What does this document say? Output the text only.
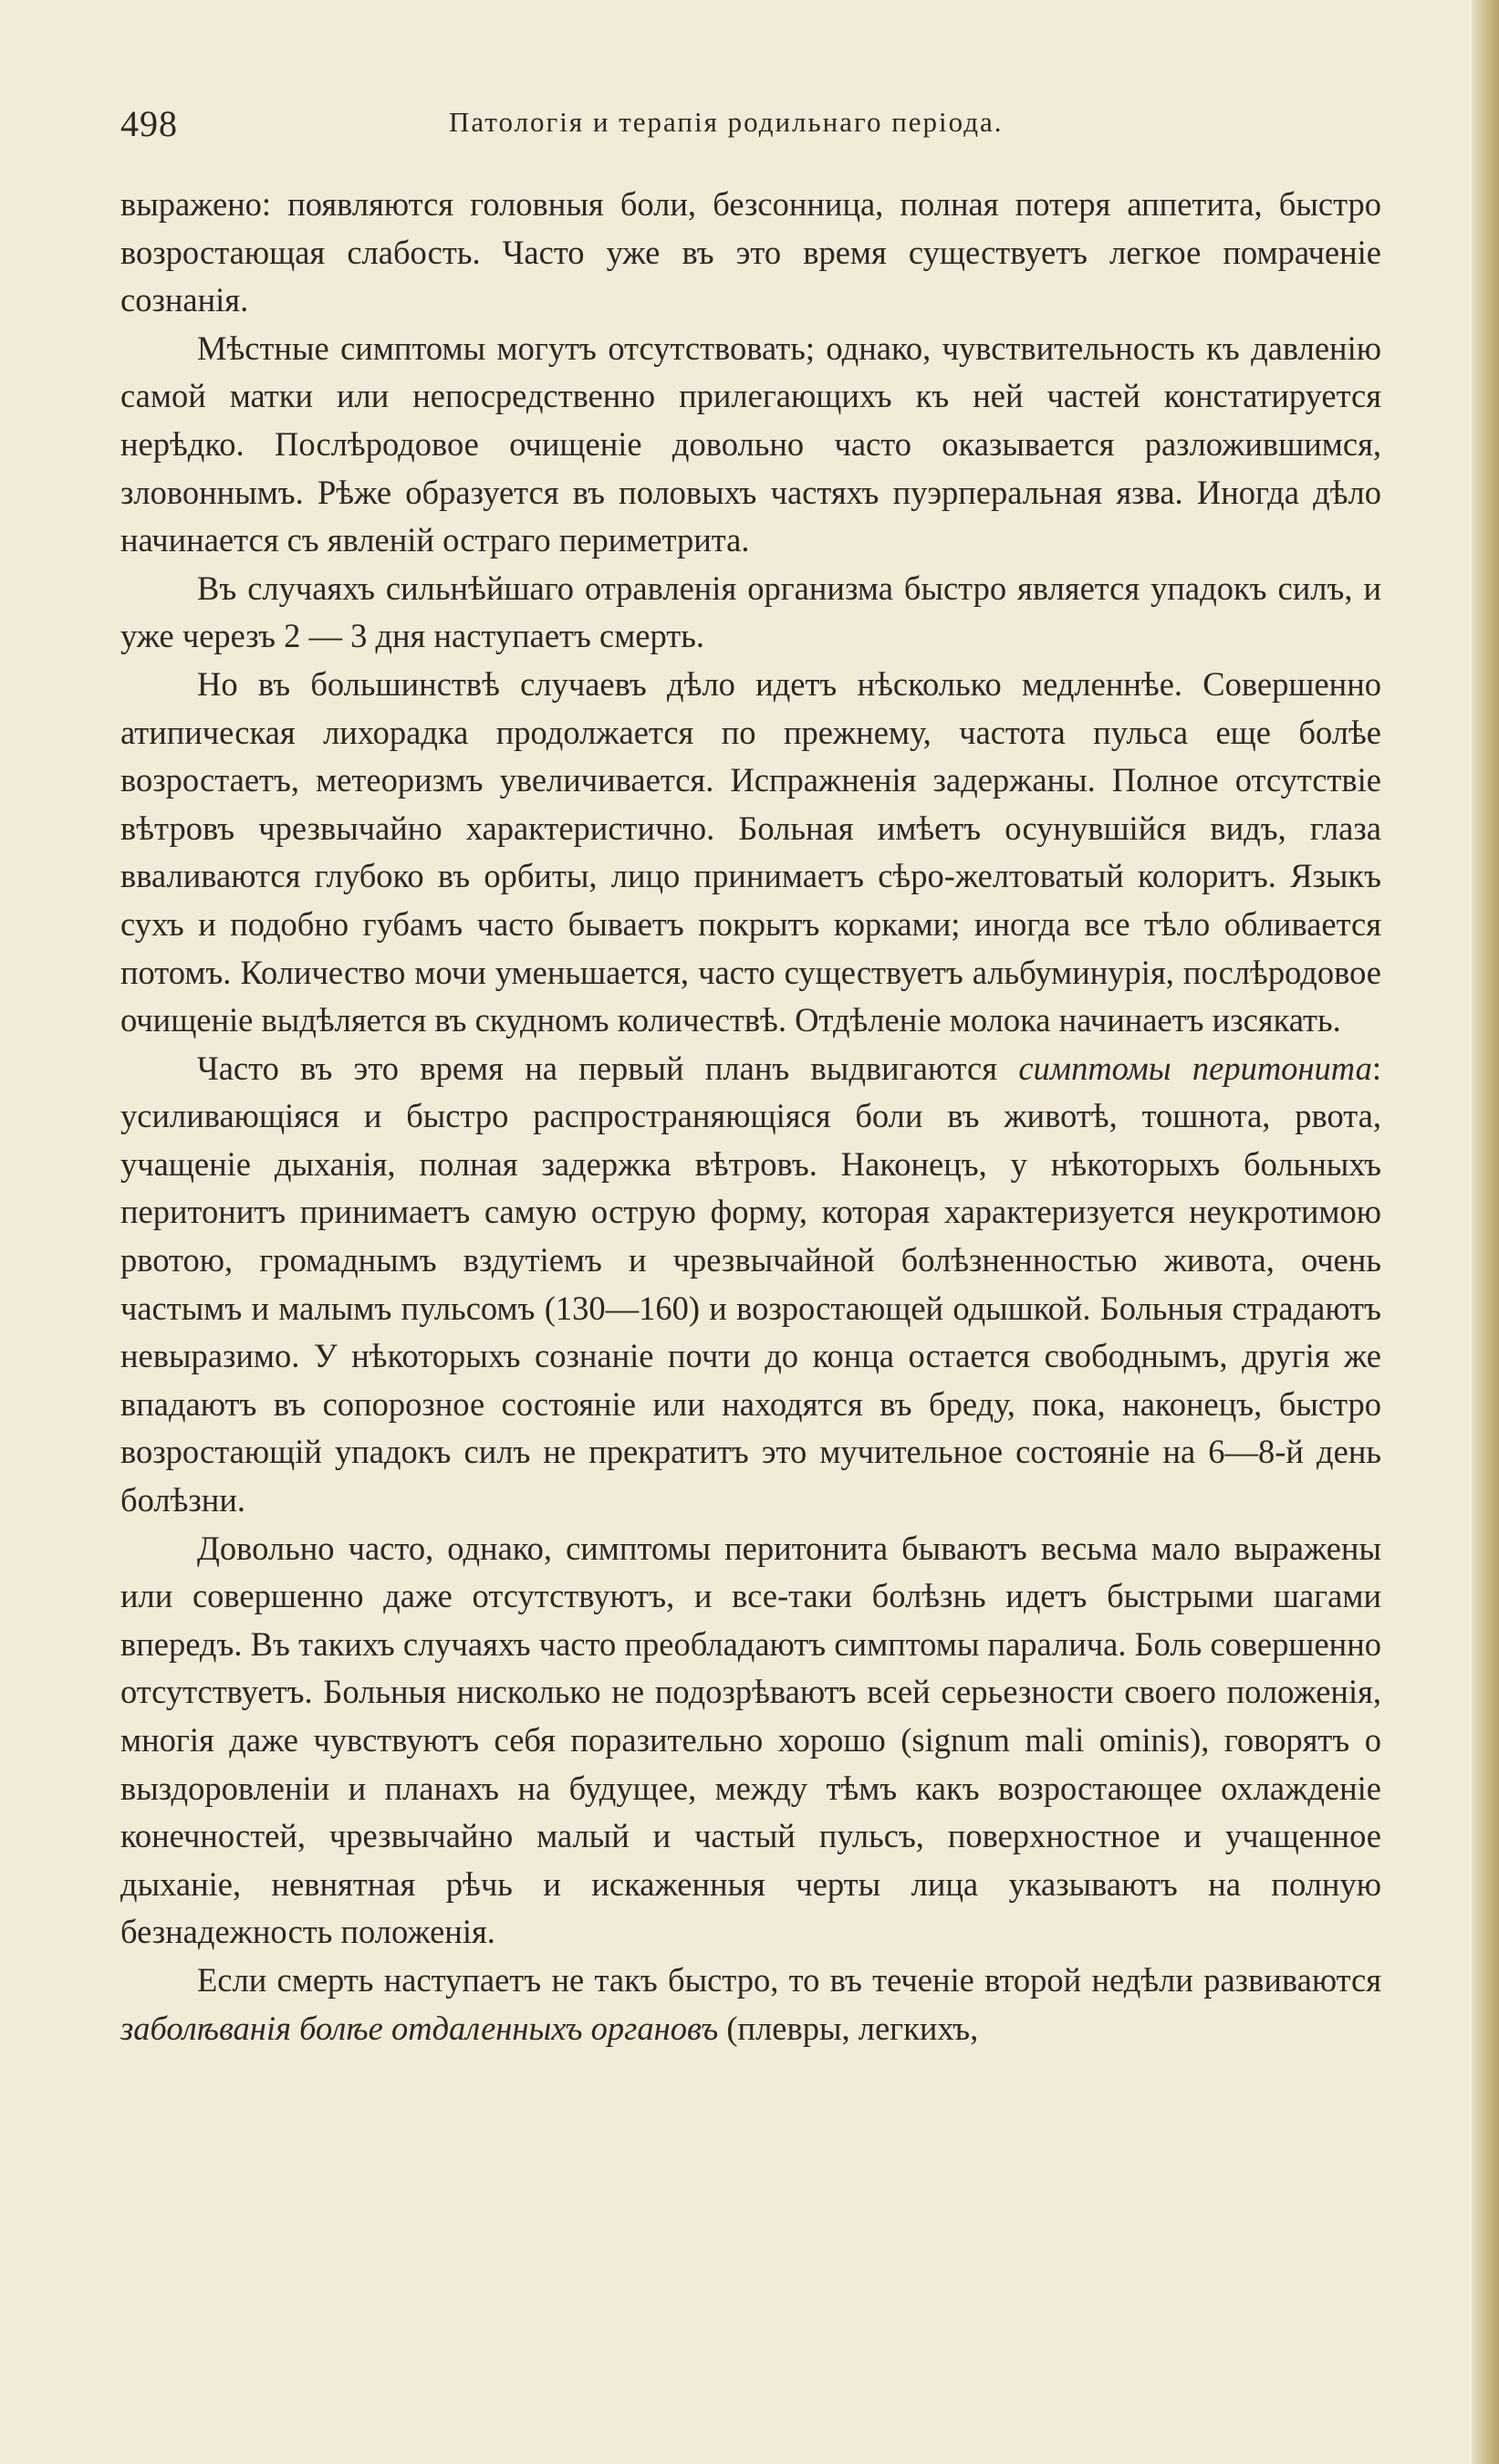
498	Патологія и терапія родильнаго періода.

выражено: появляются головныя боли, безсонница, полная потеря аппетита, быстро возростающая слабость. Часто уже въ это время существуетъ легкое помраченіе сознанія.

Мѣстные симптомы могутъ отсутствовать; однако, чувствительность къ давленію самой матки или непосредственно прилегающихъ къ ней частей констатируется нерѣдко. Послѣродовое очищеніе довольно часто оказывается разложившимся, зловоннымъ. Рѣже образуется въ половыхъ частяхъ пуэрперальная язва. Иногда дѣло начинается съ явленій остраго периметрита.

Въ случаяхъ сильнѣйшаго отравленія организма быстро является упадокъ силъ, и уже черезъ 2 — 3 дня наступаетъ смерть.

Но въ большинствѣ случаевъ дѣло идетъ нѣсколько медленнѣе. Совершенно атипическая лихорадка продолжается по прежнему, частота пульса еще болѣе возростаетъ, метеоризмъ увеличивается. Испражненія задержаны. Полное отсутствіе вѣтровъ чрезвычайно характеристично. Больная имѣетъ осунувшійся видъ, глаза вваливаются глубоко въ орбиты, лицо принимаетъ сѣро-желтоватый колоритъ. Языкъ сухъ и подобно губамъ часто бываетъ покрытъ корками; иногда все тѣло обливается потомъ. Количество мочи уменьшается, часто существуетъ альбуминурія, послѣродовое очищеніе выдѣляется въ скудномъ количествѣ. Отдѣленіе молока начинаетъ изсякать.

Часто въ это время на первый планъ выдвигаются симптомы перитонита: усиливающіяся и быстро распространяющіяся боли въ животѣ, тошнота, рвота, учащеніе дыханія, полная задержка вѣтровъ. Наконецъ, у нѣкоторыхъ больныхъ перитонитъ принимаетъ самую острую форму, которая характеризуется неукротимою рвотою, громаднымъ вздутіемъ и чрезвычайной болѣзненностью живота, очень частымъ и малымъ пульсомъ (130—160) и возростающей одышкой. Больныя страдаютъ невыразимо. У нѣкоторыхъ сознаніе почти до конца остается свободнымъ, другія же впадаютъ въ сопорозное состояніе или находятся въ бреду, пока, наконецъ, быстро возростающій упадокъ силъ не прекратитъ это мучительное состояніе на 6—8-й день болѣзни.

Довольно часто, однако, симптомы перитонита бываютъ весьма мало выражены или совершенно даже отсутствуютъ, и все-таки болѣзнь идетъ быстрыми шагами впередъ. Въ такихъ случаяхъ часто преобладаютъ симптомы паралича. Боль совершенно отсутствуетъ. Больныя нисколько не подозрѣваютъ всей серьезности своего положенія, многія даже чувствуютъ себя поразительно хорошо (signum mali ominis), говорятъ о выздоровленіи и планахъ на будущее, между тѣмъ какъ возростающее охлажденіе конечностей, чрезвычайно малый и частый пульсъ, поверхностное и учащенное дыханіе, невнятная рѣчь и искаженныя черты лица указываютъ на полную безнадежность положенія.

Если смерть наступаетъ не такъ быстро, то въ теченіе второй недѣли развиваются заболѣванія болѣе отдаленныхъ органовъ (плевры, легкихъ,
